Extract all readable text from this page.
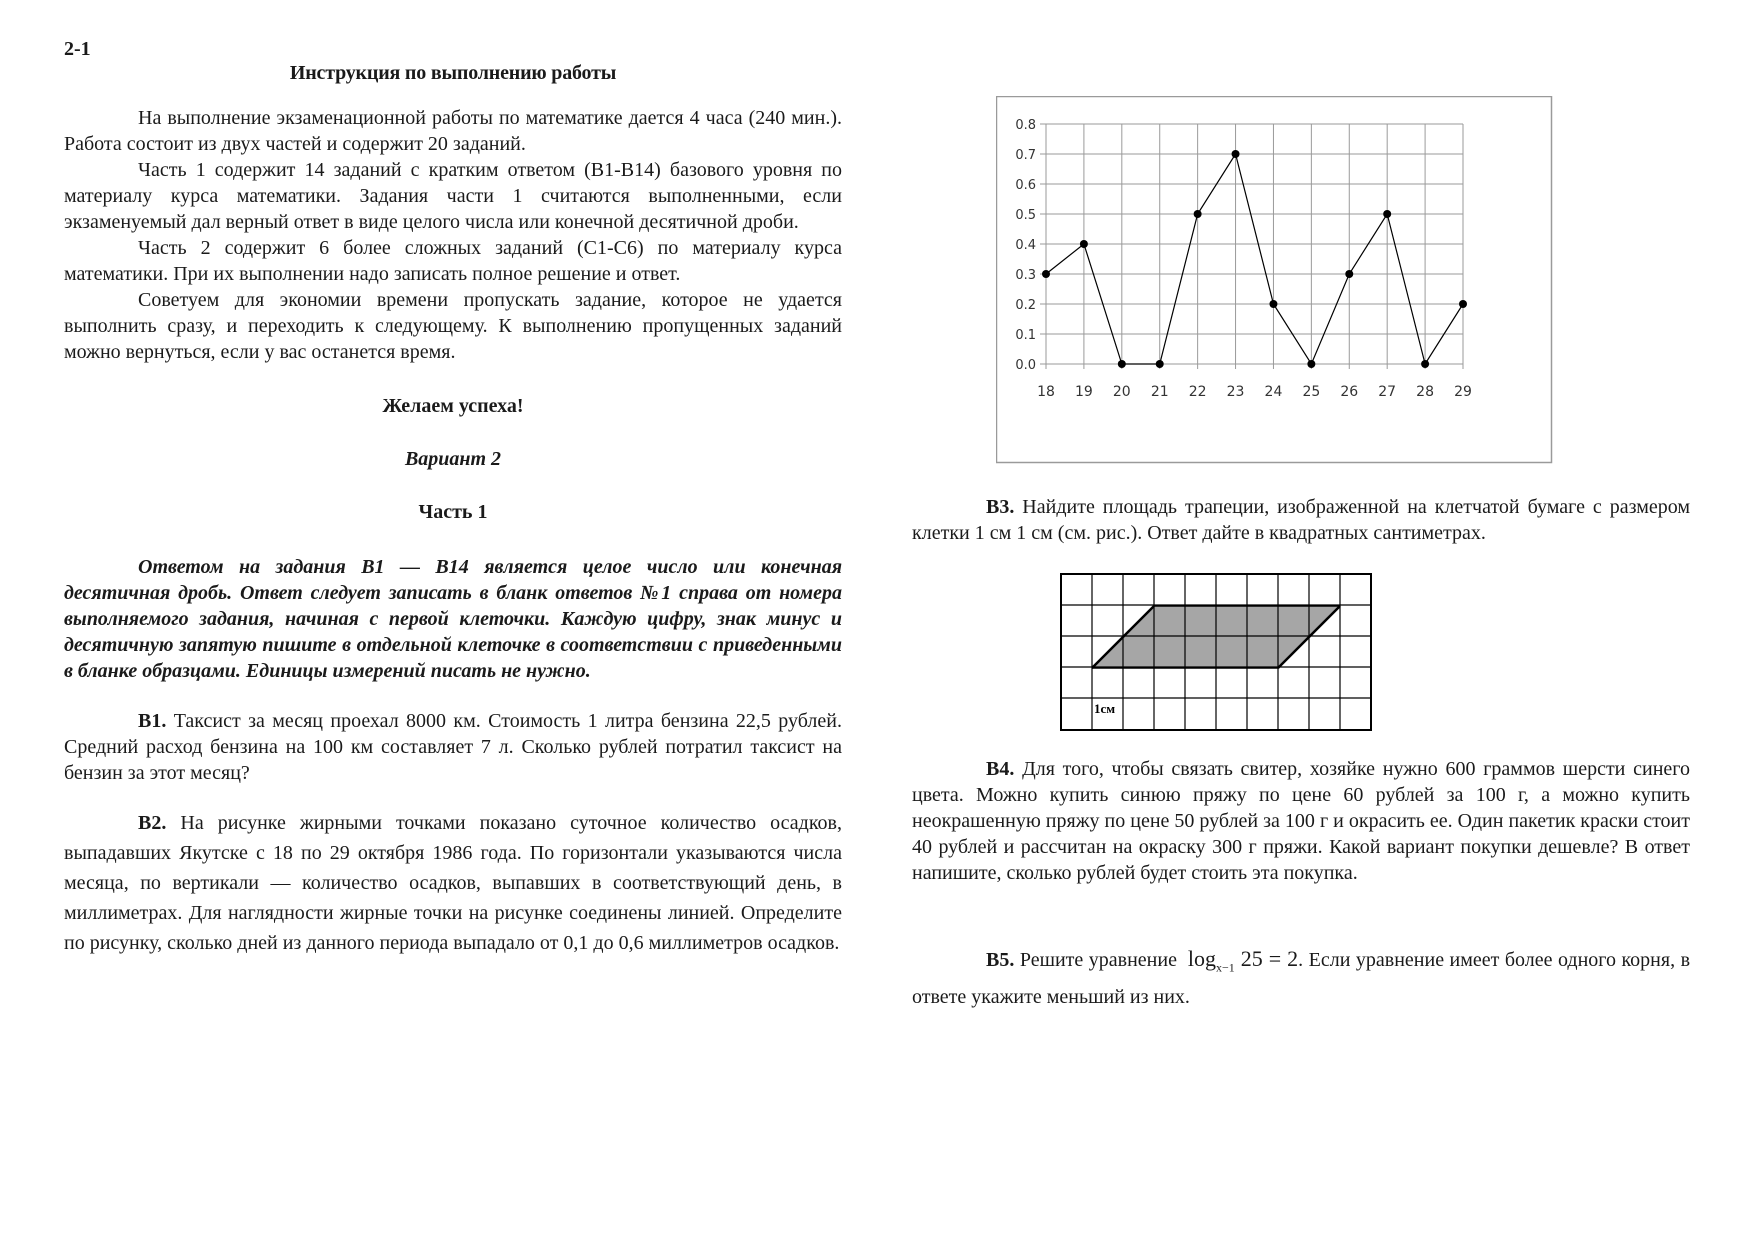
2-1

Инструкция по выполнению работы

На выполнение экзаменационной работы по математике дается 4 часа (240 мин.). Работа состоит из двух частей и содержит 20 заданий.

Часть 1 содержит 14 заданий с кратким ответом (В1-В14) базового уровня по материалу курса математики. Задания части 1 считаются выполненными, если экзаменуемый дал верный ответ в виде целого числа или конечной десятичной дроби.

Часть 2 содержит 6 более сложных заданий (С1-С6) по материалу курса математики. При их выполнении надо записать полное решение и ответ.

Советуем для экономии времени пропускать задание, которое не удается выполнить сразу, и переходить к следующему. К выполнению пропущенных заданий можно вернуться, если у вас останется время.

Желаем успеха!

Вариант 2

Часть 1

Ответом на задания В1 — В14 является целое число или конечная десятичная дробь. Ответ следует записать в бланк ответов №1 справа от номера выполняемого задания, начиная с первой клеточки. Каждую цифру, знак минус и десятичную запятую пишите в отдельной клеточке в соответствии с приведенными в бланке образцами. Единицы измерений писать не нужно.

В1. Таксист за месяц проехал 8000 км. Стоимость 1 литра бензина 22,5 рублей. Средний расход бензина на 100 км составляет 7 л. Сколько рублей потратил таксист на бензин за этот месяц?

В2. На рисунке жирными точками показано суточное количество осадков, выпадавших Якутске с 18 по 29 октября 1986 года. По горизонтали указываются числа месяца, по вертикали — количество осадков, выпавших в соответствующий день, в миллиметрах. Для наглядности жирные точки на рисунке соединены линией. Определите по рисунку, сколько дней из данного периода выпадало от 0,1 до 0,6 миллиметров осадков.

0.0
0.1
0.2
0.3
0.4
0.5
0.6
0.7
0.8
18 19 20 21 22 23 24 25 26 27 28 29

В3. Найдите площадь трапеции, изображенной на клетчатой бумаге с размером клетки 1 см 1 см (см. рис.). Ответ дайте в квадратных сантиметрах.

1см

В4. Для того, чтобы связать свитер, хозяйке нужно 600 граммов шерсти синего цвета. Можно купить синюю пряжу по цене 60 рублей за 100 г, а можно купить неокрашенную пряжу по цене 50 рублей за 100 г и окрасить ее. Один пакетик краски стоит 40 рублей и рассчитан на окраску 300 г пряжи. Какой вариант покупки дешевле? В ответ напишите, сколько рублей будет стоить эта покупка.

В5. Решите уравнение $\log_{x-1} 25 = 2$. Если уравнение имеет более одного корня, в ответе укажите меньший из них.
